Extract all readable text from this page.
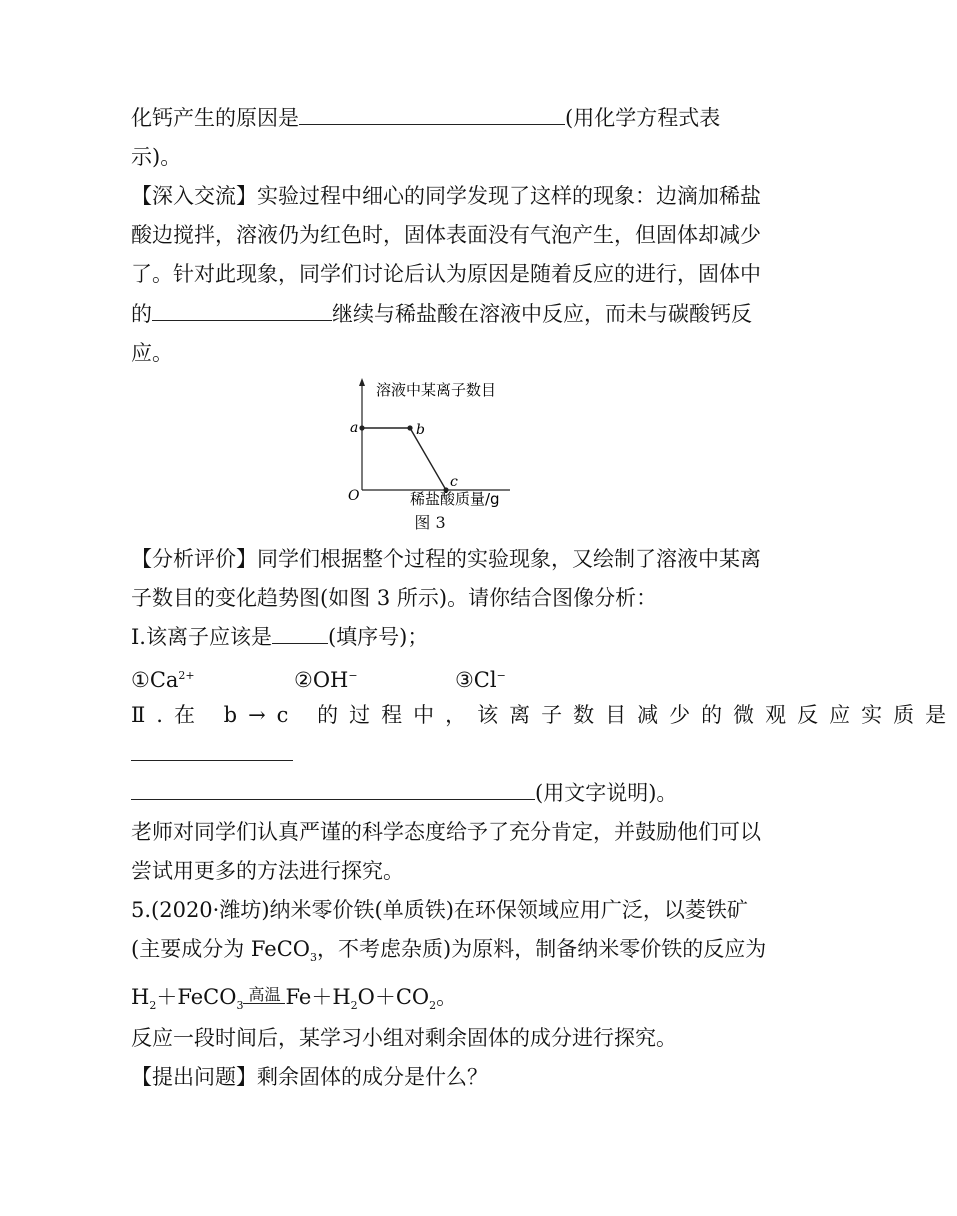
化钙产生的原因是	(用化学方程式表
示)。
【深入交流】实验过程中细心的同学发现了这样的现象：边滴加稀盐
酸边搅拌，溶液仍为红色时，固体表面没有气泡产生，但固体却减少
了。针对此现象，同学们讨论后认为原因是随着反应的进行，固体中
的	继续与稀盐酸在溶液中反应，而未与碳酸钙反
应。
a	b
c
溶液中某离子数目
O	稀盐酸质量/g
图 3
【分析评价】同学们根据整个过程的实验现象，又绘制了溶液中某离
子数目的变化趋势图(如图 3 所示)。请你结合图像分析：
Ⅰ.该离子应该是	(填序号)；
$①Ca^{2+}$	②OH−	③Cl−
Ⅱ.在 b→c 的过程中，该离子数目减少的微观反应实质是
(用文字说明)。
老师对同学们认真严谨的科学态度给予了充分肯定，并鼓励他们可以
尝试用更多的方法进行探究。
5.(2020·潍坊)纳米零价铁(单质铁)在环保领域应用广泛，以菱铁矿
(主要成分为 FeCO$_3$，不考虑杂质)为原料，制备纳米零价铁的反应为
$H_2+FeCO_3$
高温 $Fe+H_2O+CO_2$。
反应一段时间后，某学习小组对剩余固体的成分进行探究。
【提出问题】剩余固体的成分是什么？
